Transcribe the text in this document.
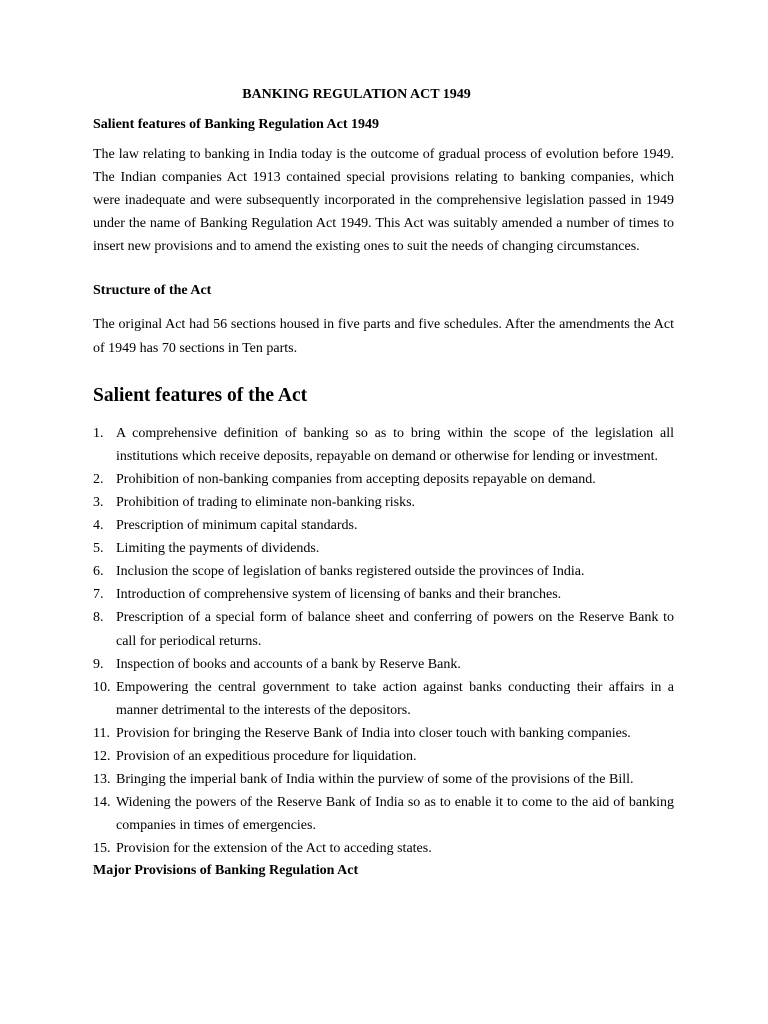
BANKING REGULATION ACT 1949
Salient features of Banking Regulation Act 1949

The law relating to banking in India today is the outcome of gradual process of evolution before 1949. The Indian companies Act 1913 contained special provisions relating to banking companies, which were inadequate and were subsequently incorporated in the comprehensive legislation passed in 1949 under the name of Banking Regulation Act 1949. This Act was suitably amended a number of times to insert new provisions and to amend the existing ones to suit the needs of changing circumstances.

Structure of the Act

The original Act had 56 sections housed in five parts and five schedules. After the amendments the Act of 1949 has 70 sections in Ten parts.

Salient features of the Act
1. A comprehensive definition of banking so as to bring within the scope of the legislation all institutions which receive deposits, repayable on demand or otherwise for lending or investment.
2. Prohibition of non-banking companies from accepting deposits repayable on demand.
3. Prohibition of trading to eliminate non-banking risks.
4. Prescription of minimum capital standards.
5. Limiting the payments of dividends.
6. Inclusion the scope of legislation of banks registered outside the provinces of India.
7. Introduction of comprehensive system of licensing of banks and their branches.
8. Prescription of a special form of balance sheet and conferring of powers on the Reserve Bank to call for periodical returns.
9. Inspection of books and accounts of a bank by Reserve Bank.
10. Empowering the central government to take action against banks conducting their affairs in a manner detrimental to the interests of the depositors.
11. Provision for bringing the Reserve Bank of India into closer touch with banking companies.
12. Provision of an expeditious procedure for liquidation.
13. Bringing the imperial bank of India within the purview of some of the provisions of the Bill.
14. Widening the powers of the Reserve Bank of India so as to enable it to come to the aid of banking companies in times of emergencies.
15. Provision for the extension of the Act to acceding states.
Major Provisions of Banking Regulation Act
